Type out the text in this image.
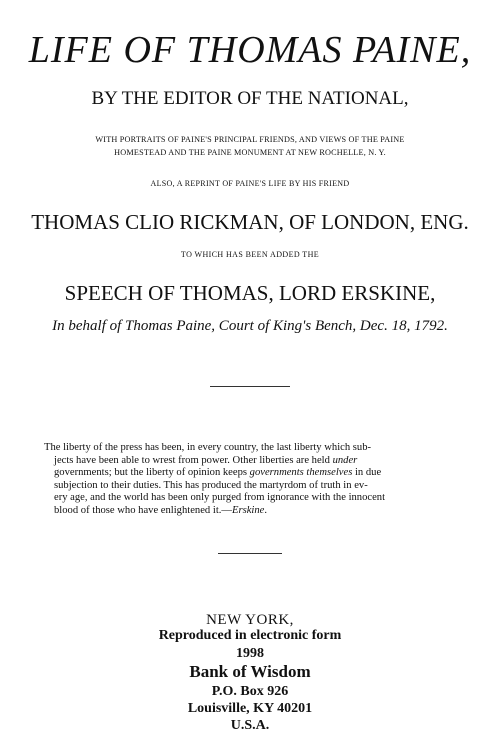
LIFE OF THOMAS PAINE,
BY THE EDITOR OF THE NATIONAL,
WITH PORTRAITS OF PAINE'S PRINCIPAL FRIENDS, AND VIEWS OF THE PAINE
HOMESTEAD AND THE PAINE MONUMENT AT NEW ROCHELLE, N. Y.
ALSO, A REPRINT OF PAINE'S LIFE BY HIS FRIEND
THOMAS CLIO RICKMAN, OF LONDON, ENG.
TO WHICH HAS BEEN ADDED THE
SPEECH OF THOMAS, LORD ERSKINE,
In behalf of Thomas Paine, Court of King's Bench, Dec. 18, 1792.
The liberty of the press has been, in every country, the last liberty which sub-
jects have been able to wrest from power. Other liberties are held under
governments; but the liberty of opinion keeps governments themselves in due
subjection to their duties. This has produced the martyrdom of truth in ev-
ery age, and the world has been only purged from ignorance with the innocent
blood of those who have enlightened it.—Erskine.
NEW YORK,
Reproduced in electronic form
1998
Bank of Wisdom
P.O. Box 926
Louisville, KY 40201
U.S.A.
